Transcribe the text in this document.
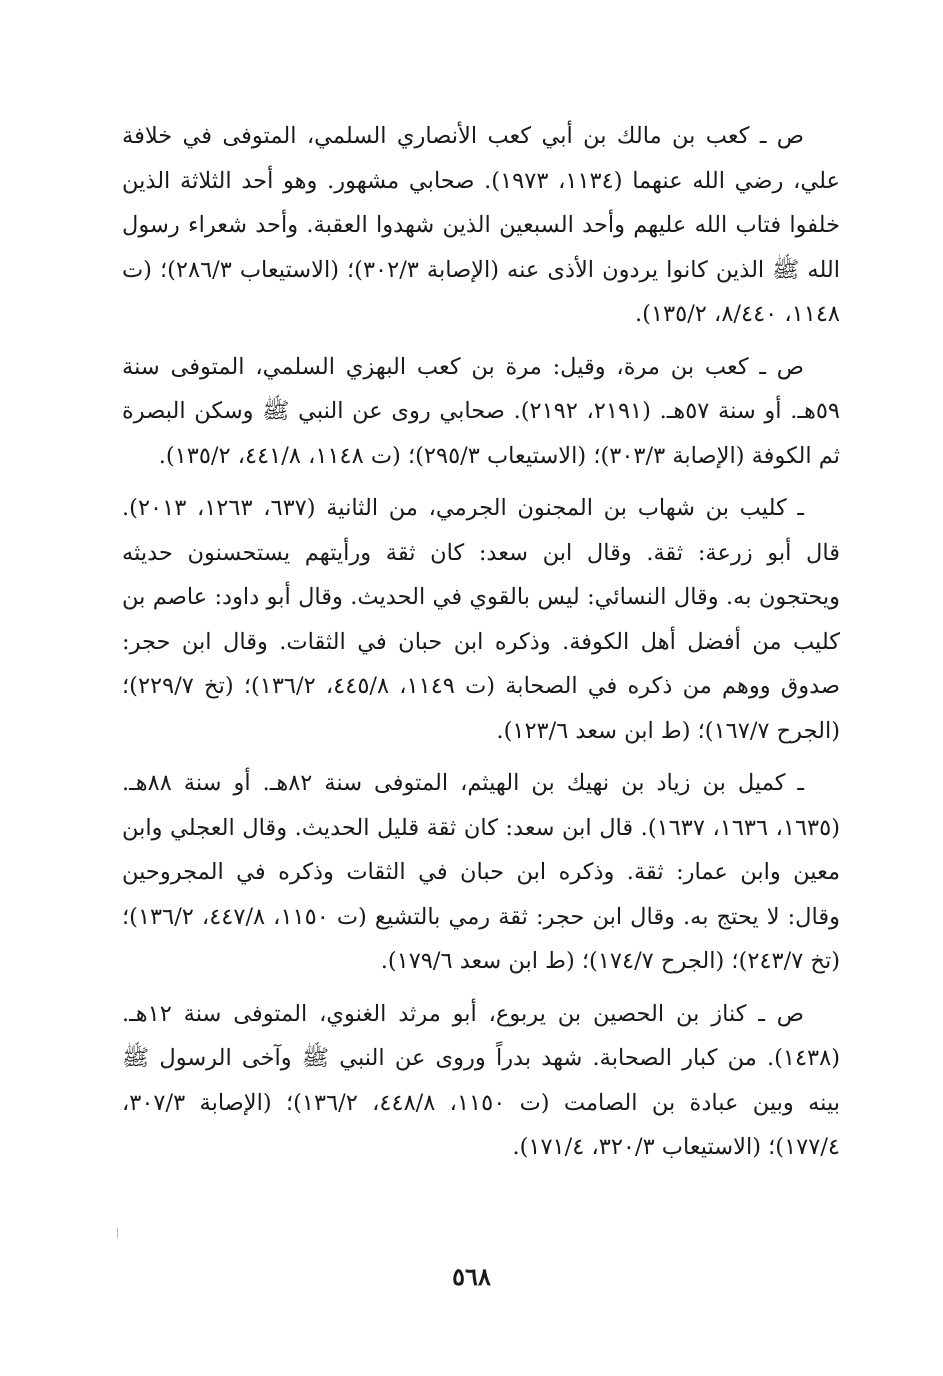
ص ـ كعب بن مالك بن أبي كعب الأنصاري السلمي، المتوفى في خلافة علي، رضي الله عنهما (١١٣٤، ١٩٧٣). صحابي مشهور. وهو أحد الثلاثة الذين خلفوا فتاب الله عليهم وأحد السبعين الذين شهدوا العقبة. وأحد شعراء رسول الله ﷺ الذين كانوا يردون الأذى عنه (الإصابة ٣٠٢/٣)؛ (الاستيعاب ٢٨٦/٣)؛ (ت ١١٤٨، ٨/٤٤٠، ١٣٥/٢).

ص ـ كعب بن مرة، وقيل: مرة بن كعب البهزي السلمي، المتوفى سنة ٥٩هـ. أو سنة ٥٧هـ. (٢١٩١، ٢١٩٢). صحابي روى عن النبي ﷺ وسكن البصرة ثم الكوفة (الإصابة ٣٠٣/٣)؛ (الاستيعاب ٢٩٥/٣)؛ (ت ١١٤٨، ٤٤١/٨، ١٣٥/٢).

ـ كليب بن شهاب بن المجنون الجرمي، من الثانية (٦٣٧، ١٢٦٣، ٢٠١٣). قال أبو زرعة: ثقة. وقال ابن سعد: كان ثقة ورأيتهم يستحسنون حديثه ويحتجون به. وقال النسائي: ليس بالقوي في الحديث. وقال أبو داود: عاصم بن كليب من أفضل أهل الكوفة. وذكره ابن حبان في الثقات. وقال ابن حجر: صدوق ووهم من ذكره في الصحابة (ت ١١٤٩، ٤٤٥/٨، ١٣٦/٢)؛ (تخ ٢٢٩/٧)؛ (الجرح ١٦٧/٧)؛ (ط ابن سعد ١٢٣/٦).

ـ كميل بن زياد بن نهيك بن الهيثم، المتوفى سنة ٨٢هـ. أو سنة ٨٨هـ. (١٦٣٥، ١٦٣٦، ١٦٣٧). قال ابن سعد: كان ثقة قليل الحديث. وقال العجلي وابن معين وابن عمار: ثقة. وذكره ابن حبان في الثقات وذكره في المجروحين وقال: لا يحتج به. وقال ابن حجر: ثقة رمي بالتشيع (ت ١١٥٠، ٤٤٧/٨، ١٣٦/٢)؛ (تخ ٢٤٣/٧)؛ (الجرح ١٧٤/٧)؛ (ط ابن سعد ١٧٩/٦).

ص ـ كناز بن الحصين بن يربوع، أبو مرثد الغنوي، المتوفى سنة ١٢هـ. (١٤٣٨). من كبار الصحابة. شهد بدراً وروى عن النبي ﷺ وآخى الرسول ﷺ بينه وبين عبادة بن الصامت (ت ١١٥٠، ٤٤٨/٨، ١٣٦/٢)؛ (الإصابة ٣٠٧/٣، ١٧٧/٤)؛ (الاستيعاب ٣٢٠/٣، ١٧١/٤).

٥٦٨
